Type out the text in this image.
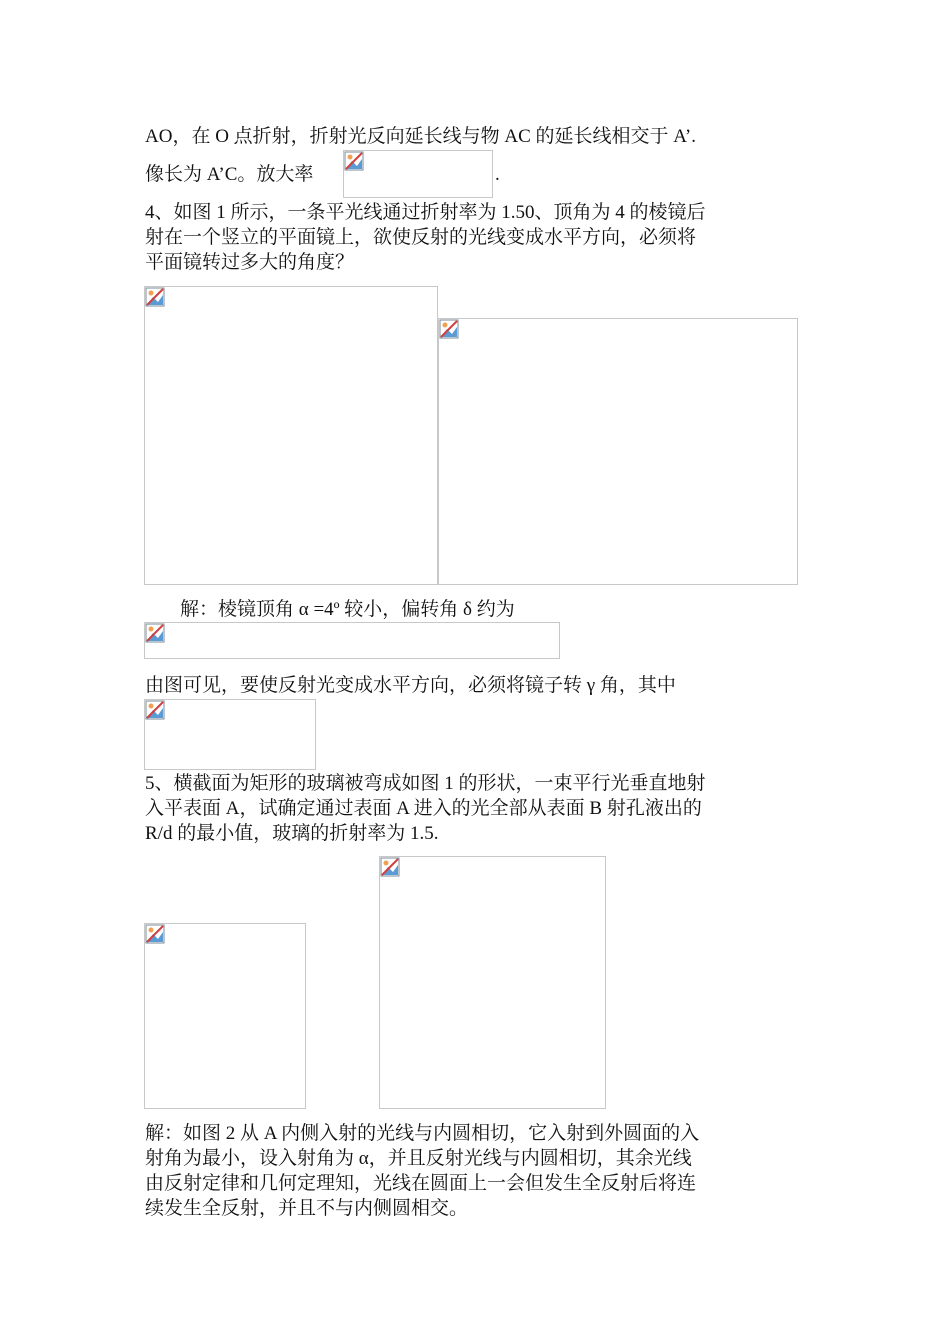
AO，在 O 点折射，折射光反向延长线与物 AC 的延长线相交于 A’.
像长为 A’C。放大率	.
4、如图 1 所示，一条平光线通过折射率为 1.50、顶角为 4 的棱镜后
射在一个竖立的平面镜上，欲使反射的光线变成水平方向，必须将
平面镜转过多大的角度？
解：棱镜顶角 α =4º 较小，偏转角 δ 约为
由图可见，要使反射光变成水平方向，必须将镜子转 γ 角，其中
5、横截面为矩形的玻璃被弯成如图 1 的形状，一束平行光垂直地射
入平表面 A，试确定通过表面 A 进入的光全部从表面 B 射孔液出的
R/d 的最小值，玻璃的折射率为 1.5.
解：如图 2 从 A 内侧入射的光线与内圆相切，它入射到外圆面的入
射角为最小，设入射角为 α，并且反射光线与内圆相切，其余光线
由反射定律和几何定理知，光线在圆面上一会但发生全反射后将连
续发生全反射，并且不与内侧圆相交。
